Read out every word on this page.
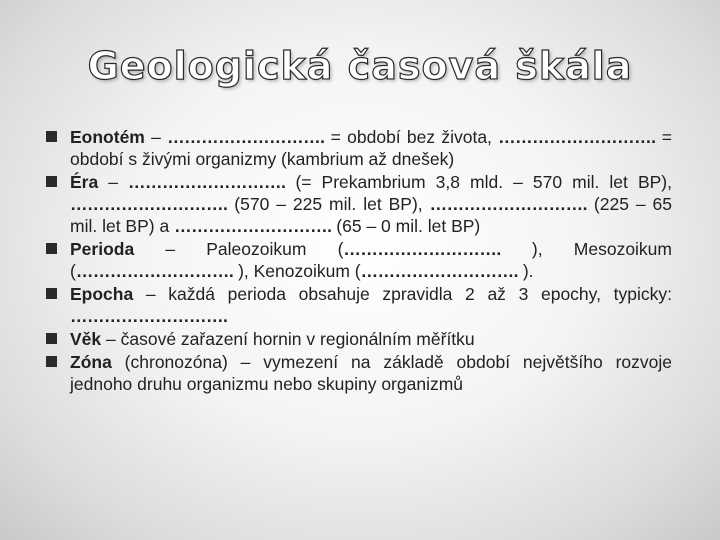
Geologická časová škála
Eonotém – ………………………. = období bez života, ………………………. = období s živými organizmy (kambrium až dnešek)
Éra – ………………………. (= Prekambrium 3,8 mld. – 570 mil. let BP), ………………………. (570 – 225 mil. let BP), ………………………. (225 – 65 mil. let BP) a ………………………. (65 – 0 mil. let BP)
Perioda – Paleozoikum (………………………. ), Mesozoikum (………………………. ), Kenozoikum (………………………. ).
Epocha – každá perioda obsahuje zpravidla 2 až 3 epochy, typicky: ……………………….
Věk – časové zařazení hornin v regionálním měřítku
Zóna (chronozóna) – vymezení na základě období největšího rozvoje jednoho druhu organizmu nebo skupiny organizmů
